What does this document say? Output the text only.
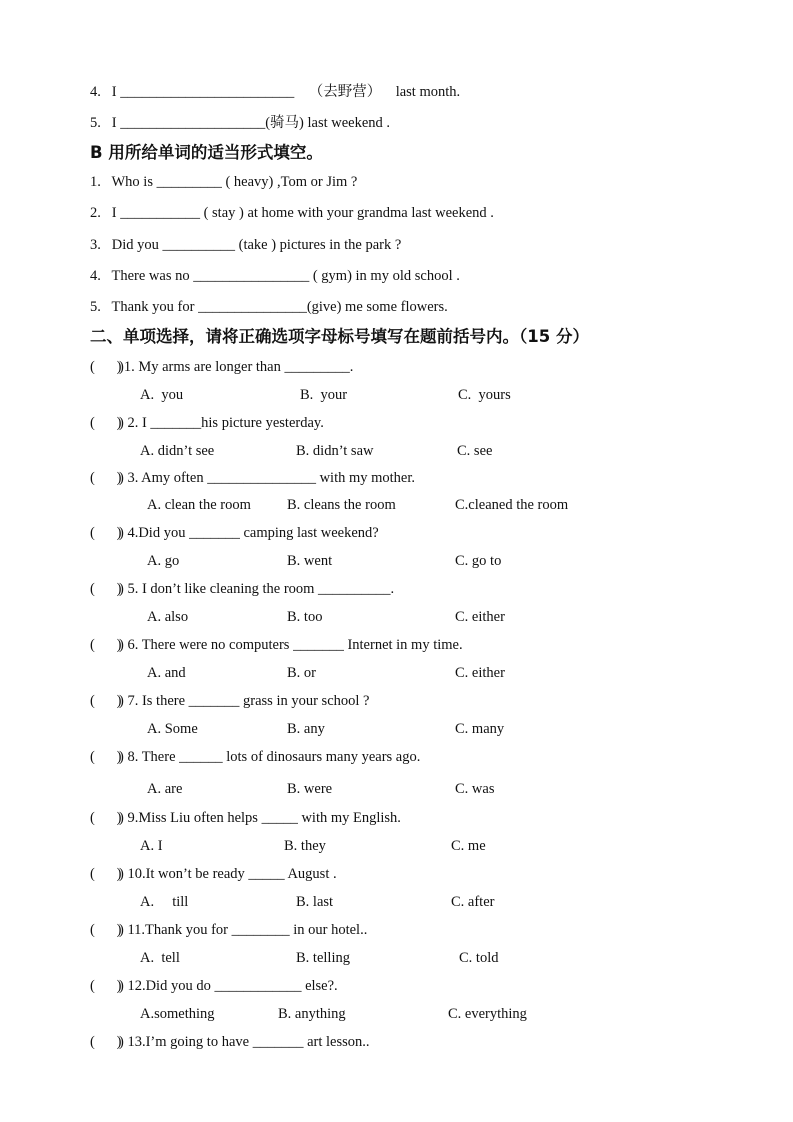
4.   I ________________________    （去野营）    last month.
5.   I ____________________(骑马) last weekend .
B 用所给单词的适当形式填空。
1.   Who is _________ ( heavy) ,Tom or Jim ?
2.   I ___________ ( stay ) at home with your grandma last weekend .
3.   Did you __________ (take ) pictures in the park ?
4.   There was no ________________ ( gym) in my old school .
5.   Thank you for _______________(give) me some flowers.
二、单项选择，请将正确选项字母标号填写在题前括号内。（15 分）
(      )
)1. My arms are longer than _________.
A.  you	B.  your	C.  yours
(      )
) 2. I _______his picture yesterday.
A. didn’t see	B. didn’t saw	C. see
(      )
) 3. Amy often _______________ with my mother.
A. clean the room B. cleans the room	C.cleaned the room
(      )
) 4.Did you _______ camping last weekend?
A. go	B. went	C. go to
(      )
) 5. I don’t like cleaning the room __________.
A. also	B. too	C. either
(      )
) 6. There were no computers _______ Internet in my time.
A. and	B. or	C. either
(      )
) 7. Is there _______ grass in your school ?
A. Some	B. any	C. many
(      )
) 8. There ______ lots of dinosaurs many years ago.
A. are	B. were	C. was
(      )
) 9.Miss Liu often helps _____ with my English.
A. I	B. they	C. me
(      )
) 10.It won’t be ready _____ August .
A.     till	B. last	C. after
(      )
) 11.Thank you for ________ in our hotel..
A.  tell	B. telling	C. told
(      )
) 12.Did you do ____________ else?.
A.something	B. anything	C. everything
(      )
) 13.I’m going to have _______ art lesson..
